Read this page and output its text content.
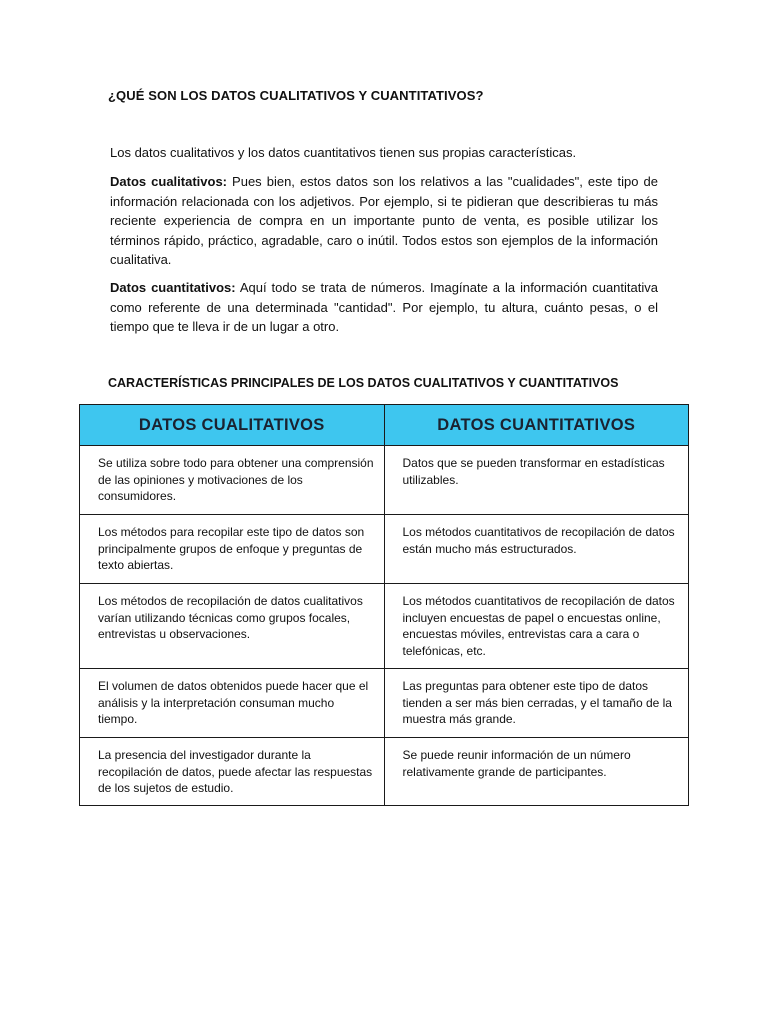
¿QUÉ SON LOS DATOS CUALITATIVOS Y CUANTITATIVOS?
Los datos cualitativos y los datos cuantitativos tienen sus propias características.
Datos cualitativos: Pues bien, estos datos son los relativos a las "cualidades", este tipo de información relacionada con los adjetivos. Por ejemplo, si te pidieran que describieras tu más reciente experiencia de compra en un importante punto de venta, es posible utilizar los términos rápido, práctico, agradable, caro o inútil. Todos estos son ejemplos de la información cualitativa.
Datos cuantitativos: Aquí todo se trata de números. Imagínate a la información cuantitativa como referente de una determinada "cantidad". Por ejemplo, tu altura, cuánto pesas, o el tiempo que te lleva ir de un lugar a otro.
CARACTERÍSTICAS PRINCIPALES DE LOS DATOS CUALITATIVOS Y CUANTITATIVOS
DATOS CUALITATIVOS	DATOS CUANTITATIVOS
Se utiliza sobre todo para obtener una comprensión de las opiniones y motivaciones de los consumidores.	Datos que se pueden transformar en estadísticas utilizables.
Los métodos para recopilar este tipo de datos son principalmente grupos de enfoque y preguntas de texto abiertas.	Los métodos cuantitativos de recopilación de datos están mucho más estructurados.
Los métodos de recopilación de datos cualitativos varían utilizando técnicas como grupos focales, entrevistas u observaciones.	Los métodos cuantitativos de recopilación de datos incluyen encuestas de papel o encuestas online, encuestas móviles, entrevistas cara a cara o telefónicas, etc.
El volumen de datos obtenidos puede hacer que el análisis y la interpretación consuman mucho tiempo.	Las preguntas para obtener este tipo de datos tienden a ser más bien cerradas, y el tamaño de la muestra más grande.
La presencia del investigador durante la recopilación de datos, puede afectar las respuestas de los sujetos de estudio.	Se puede reunir información de un número relativamente grande de participantes.
